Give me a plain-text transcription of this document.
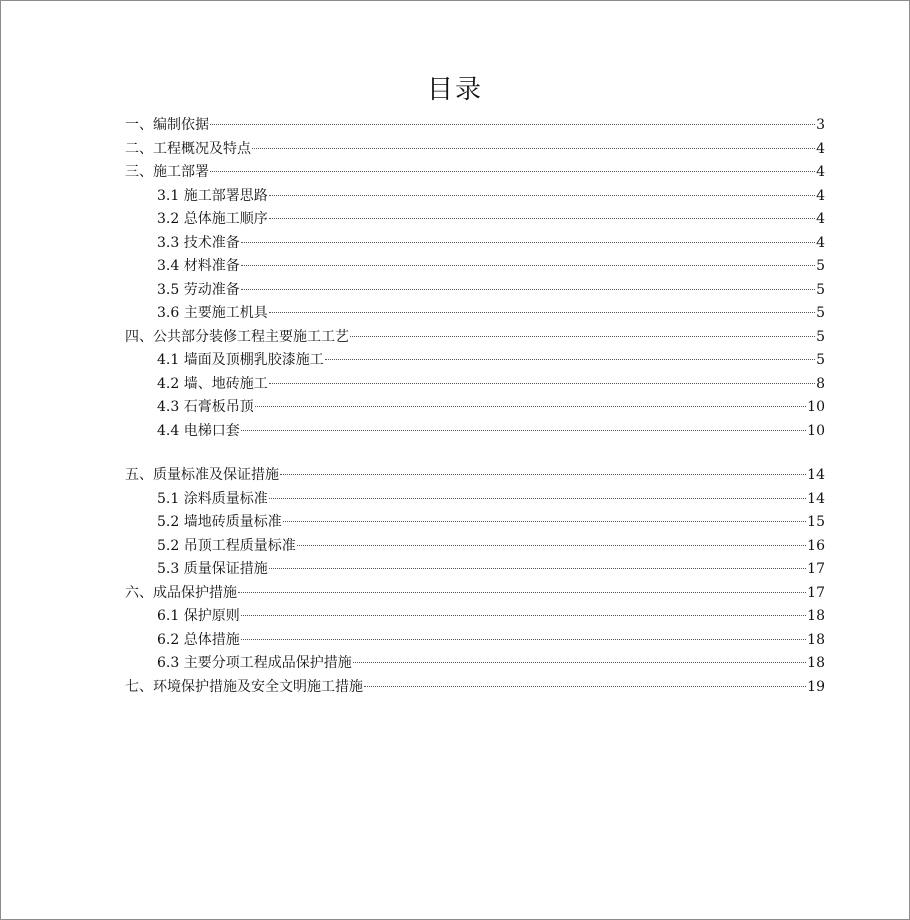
目录
一、编制依据	3
二、工程概况及特点	4
三、施工部署	4
3.1 施工部署思路	4
3.2 总体施工顺序	4
3.3 技术准备	4
3.4 材料准备	5
3.5 劳动准备	5
3.6 主要施工机具	5
四、公共部分装修工程主要施工工艺	5
4.1 墙面及顶棚乳胶漆施工	5
4.2 墙、地砖施工	8
4.3 石膏板吊顶	10
4.4 电梯口套	10
五、质量标准及保证措施	14
5.1 涂料质量标准	14
5.2 墙地砖质量标准	15
5.2 吊顶工程质量标准	16
5.3 质量保证措施	17
六、成品保护措施	17
6.1 保护原则	18
6.2 总体措施	18
6.3 主要分项工程成品保护措施	18
七、环境保护措施及安全文明施工措施	19
